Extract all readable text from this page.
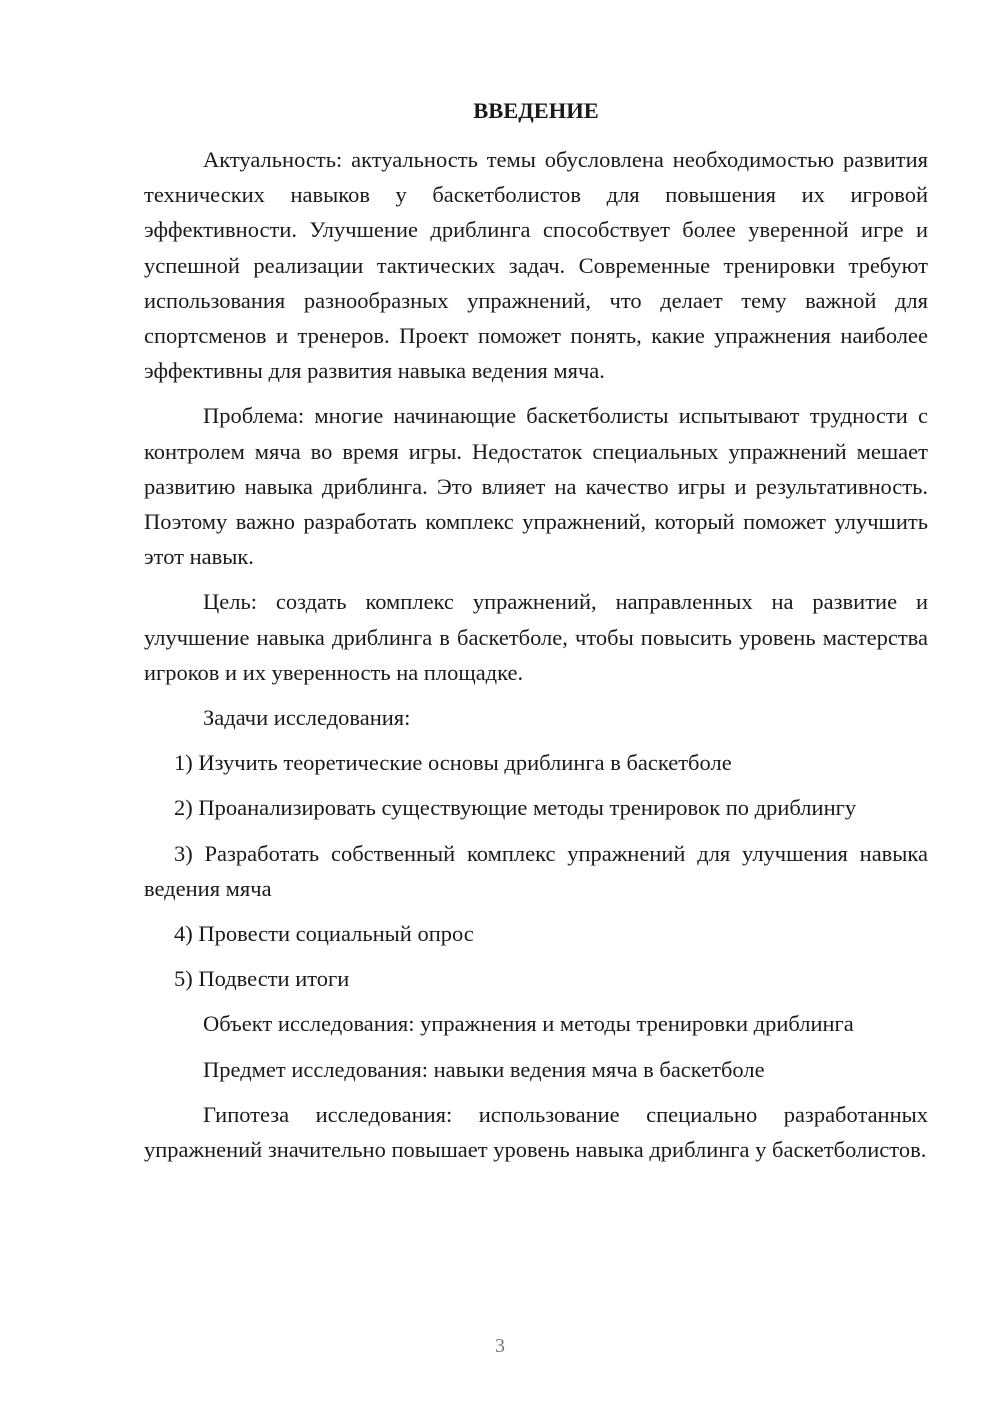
ВВЕДЕНИЕ

Актуальность: актуальность темы обусловлена необходимостью развития технических навыков у баскетболистов для повышения их игровой эффективности. Улучшение дриблинга способствует более уверенной игре и успешной реализации тактических задач. Современные тренировки требуют использования разнообразных упражнений, что делает тему важной для спортсменов и тренеров. Проект поможет понять, какие упражнения наиболее эффективны для развития навыка ведения мяча.

Проблема: многие начинающие баскетболисты испытывают трудности с контролем мяча во время игры. Недостаток специальных упражнений мешает развитию навыка дриблинга. Это влияет на качество игры и результативность. Поэтому важно разработать комплекс упражнений, который поможет улучшить этот навык.

Цель: создать комплекс упражнений, направленных на развитие и улучшение навыка дриблинга в баскетболе, чтобы повысить уровень мастерства игроков и их уверенность на площадке.

Задачи исследования:

1) Изучить теоретические основы дриблинга в баскетболе

2) Проанализировать существующие методы тренировок по дриблингу

3) Разработать собственный комплекс упражнений для улучшения навыка ведения мяча

4) Провести социальный опрос

5) Подвести итоги

Объект исследования: упражнения и методы тренировки дриблинга

Предмет исследования: навыки ведения мяча в баскетболе

Гипотеза исследования: использование специально разработанных упражнений значительно повышает уровень навыка дриблинга у баскетболистов.

3
